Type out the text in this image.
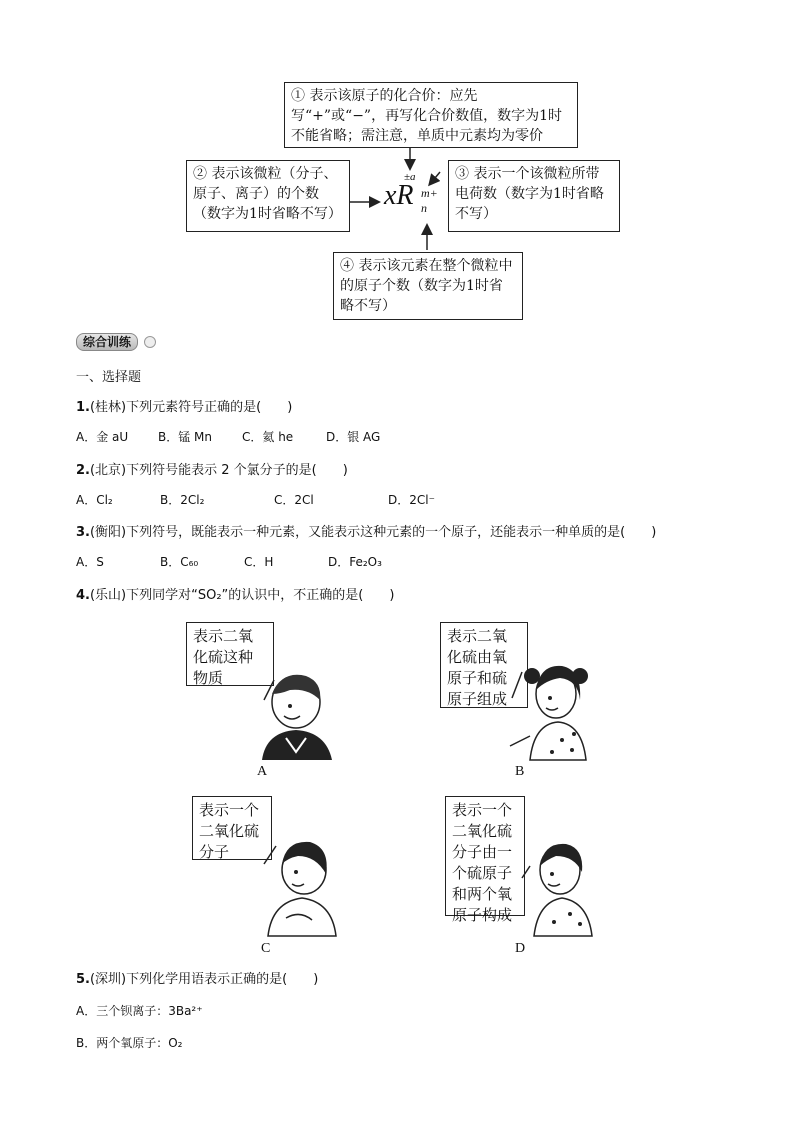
① 表示该原子的化合价：应先写“+”或“−”，再写化合价数值，数字为1时不能省略；需注意，单质中元素均为零价
② 表示该微粒（分子、原子、离子）的个数（数字为1时省略不写）
③ 表示一个该微粒所带电荷数（数字为1时省略不写）
④ 表示该元素在整个微粒中的原子个数（数字为1时省略不写）
xR
±a
m+
n
综合训练
一、选择题
1.(桂林)下列元素符号正确的是(　　)
A．金 aU B．锰 Mn C．氦 he	D．银 AG
2.(北京)下列符号能表示 2 个氯分子的是(　　)
A．Cl₂	B．2Cl₂	C．2Cl	D．2Cl⁻
3.(衡阳)下列符号，既能表示一种元素，又能表示这种元素的一个原子，还能表示一种单质的是(　　)
A．S	B．C₆₀	C．H	D．Fe₂O₃
4.(乐山)下列同学对“SO₂”的认识中，不正确的是(　　)
表示二氧化硫这种物质
A
表示二氧化硫由氧原子和硫原子组成
B
表示一个二氧化硫分子
C
表示一个二氧化硫分子由一个硫原子和两个氧原子构成
D
5.(深圳)下列化学用语表示正确的是(　　)
A．三个钡离子：3Ba²⁺
B．两个氧原子：O₂
